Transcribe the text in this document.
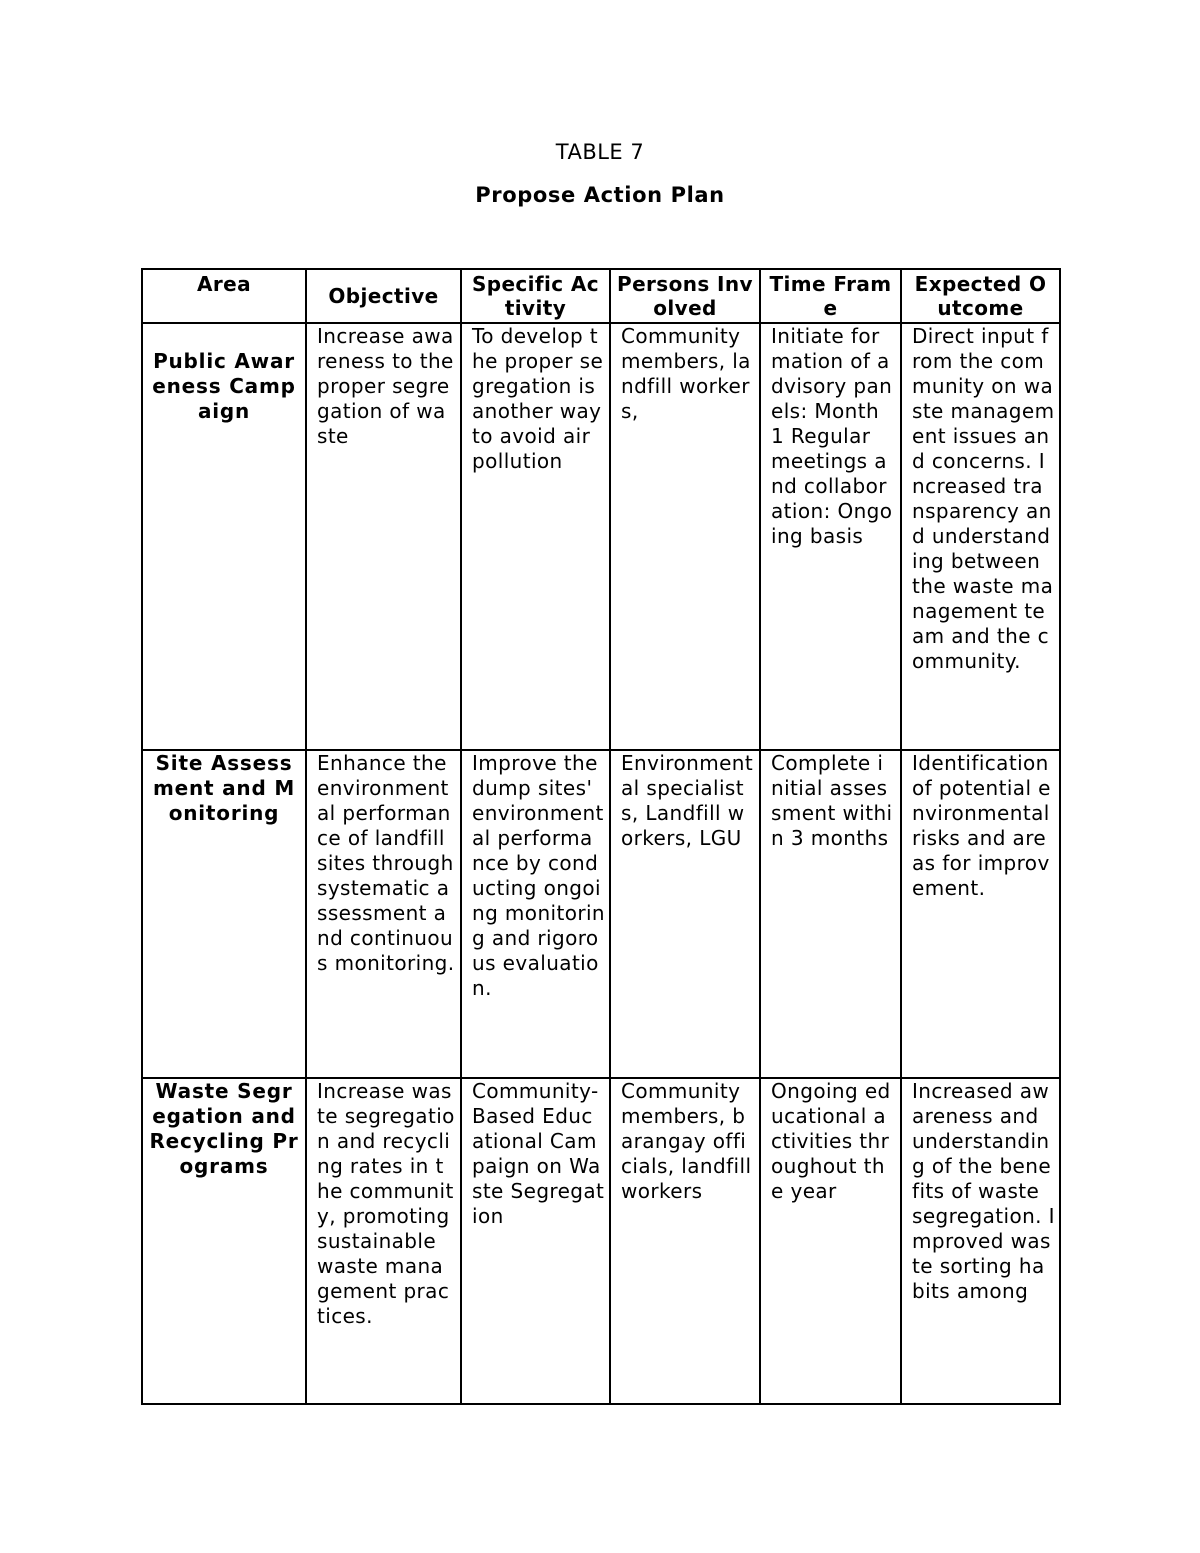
TABLE 7
Propose Action Plan
Area	Objective	Specific Activity	Persons Involved	Time Frame	Expected Outcome

Public Awareness Campaign	Increase awareness to the proper segregation of waste	To develop the proper segregation is another way to avoid air pollution	Community members, landfill workers,	Initiate formation of advisory panels: Month 1 Regular meetings and collaboration: Ongoing basis	Direct input from the community on waste management issues and concerns. Increased transparency and understanding between the waste management team and the community.

Site Assessment and Monitoring	Enhance the environmental performance of landfill sites through systematic assessment and continuous monitoring.	Improve the dump sites' environmental performance by conducting ongoing monitoring and rigorous evaluation.	Environmental specialists, Landfill workers, LGU	Complete initial assessment within 3 months	Identification of potential environmental risks and areas for improvement.

Waste Segregation and Recycling Programs	Increase waste segregation and recycling rates in the community, promoting sustainable waste management practices.	Community-Based Educational Campaign on Waste Segregation	Community members, barangay officials, landfill workers	Ongoing educational activities throughout the year	Increased awareness and understanding of the benefits of waste segregation. Improved waste sorting habits among
